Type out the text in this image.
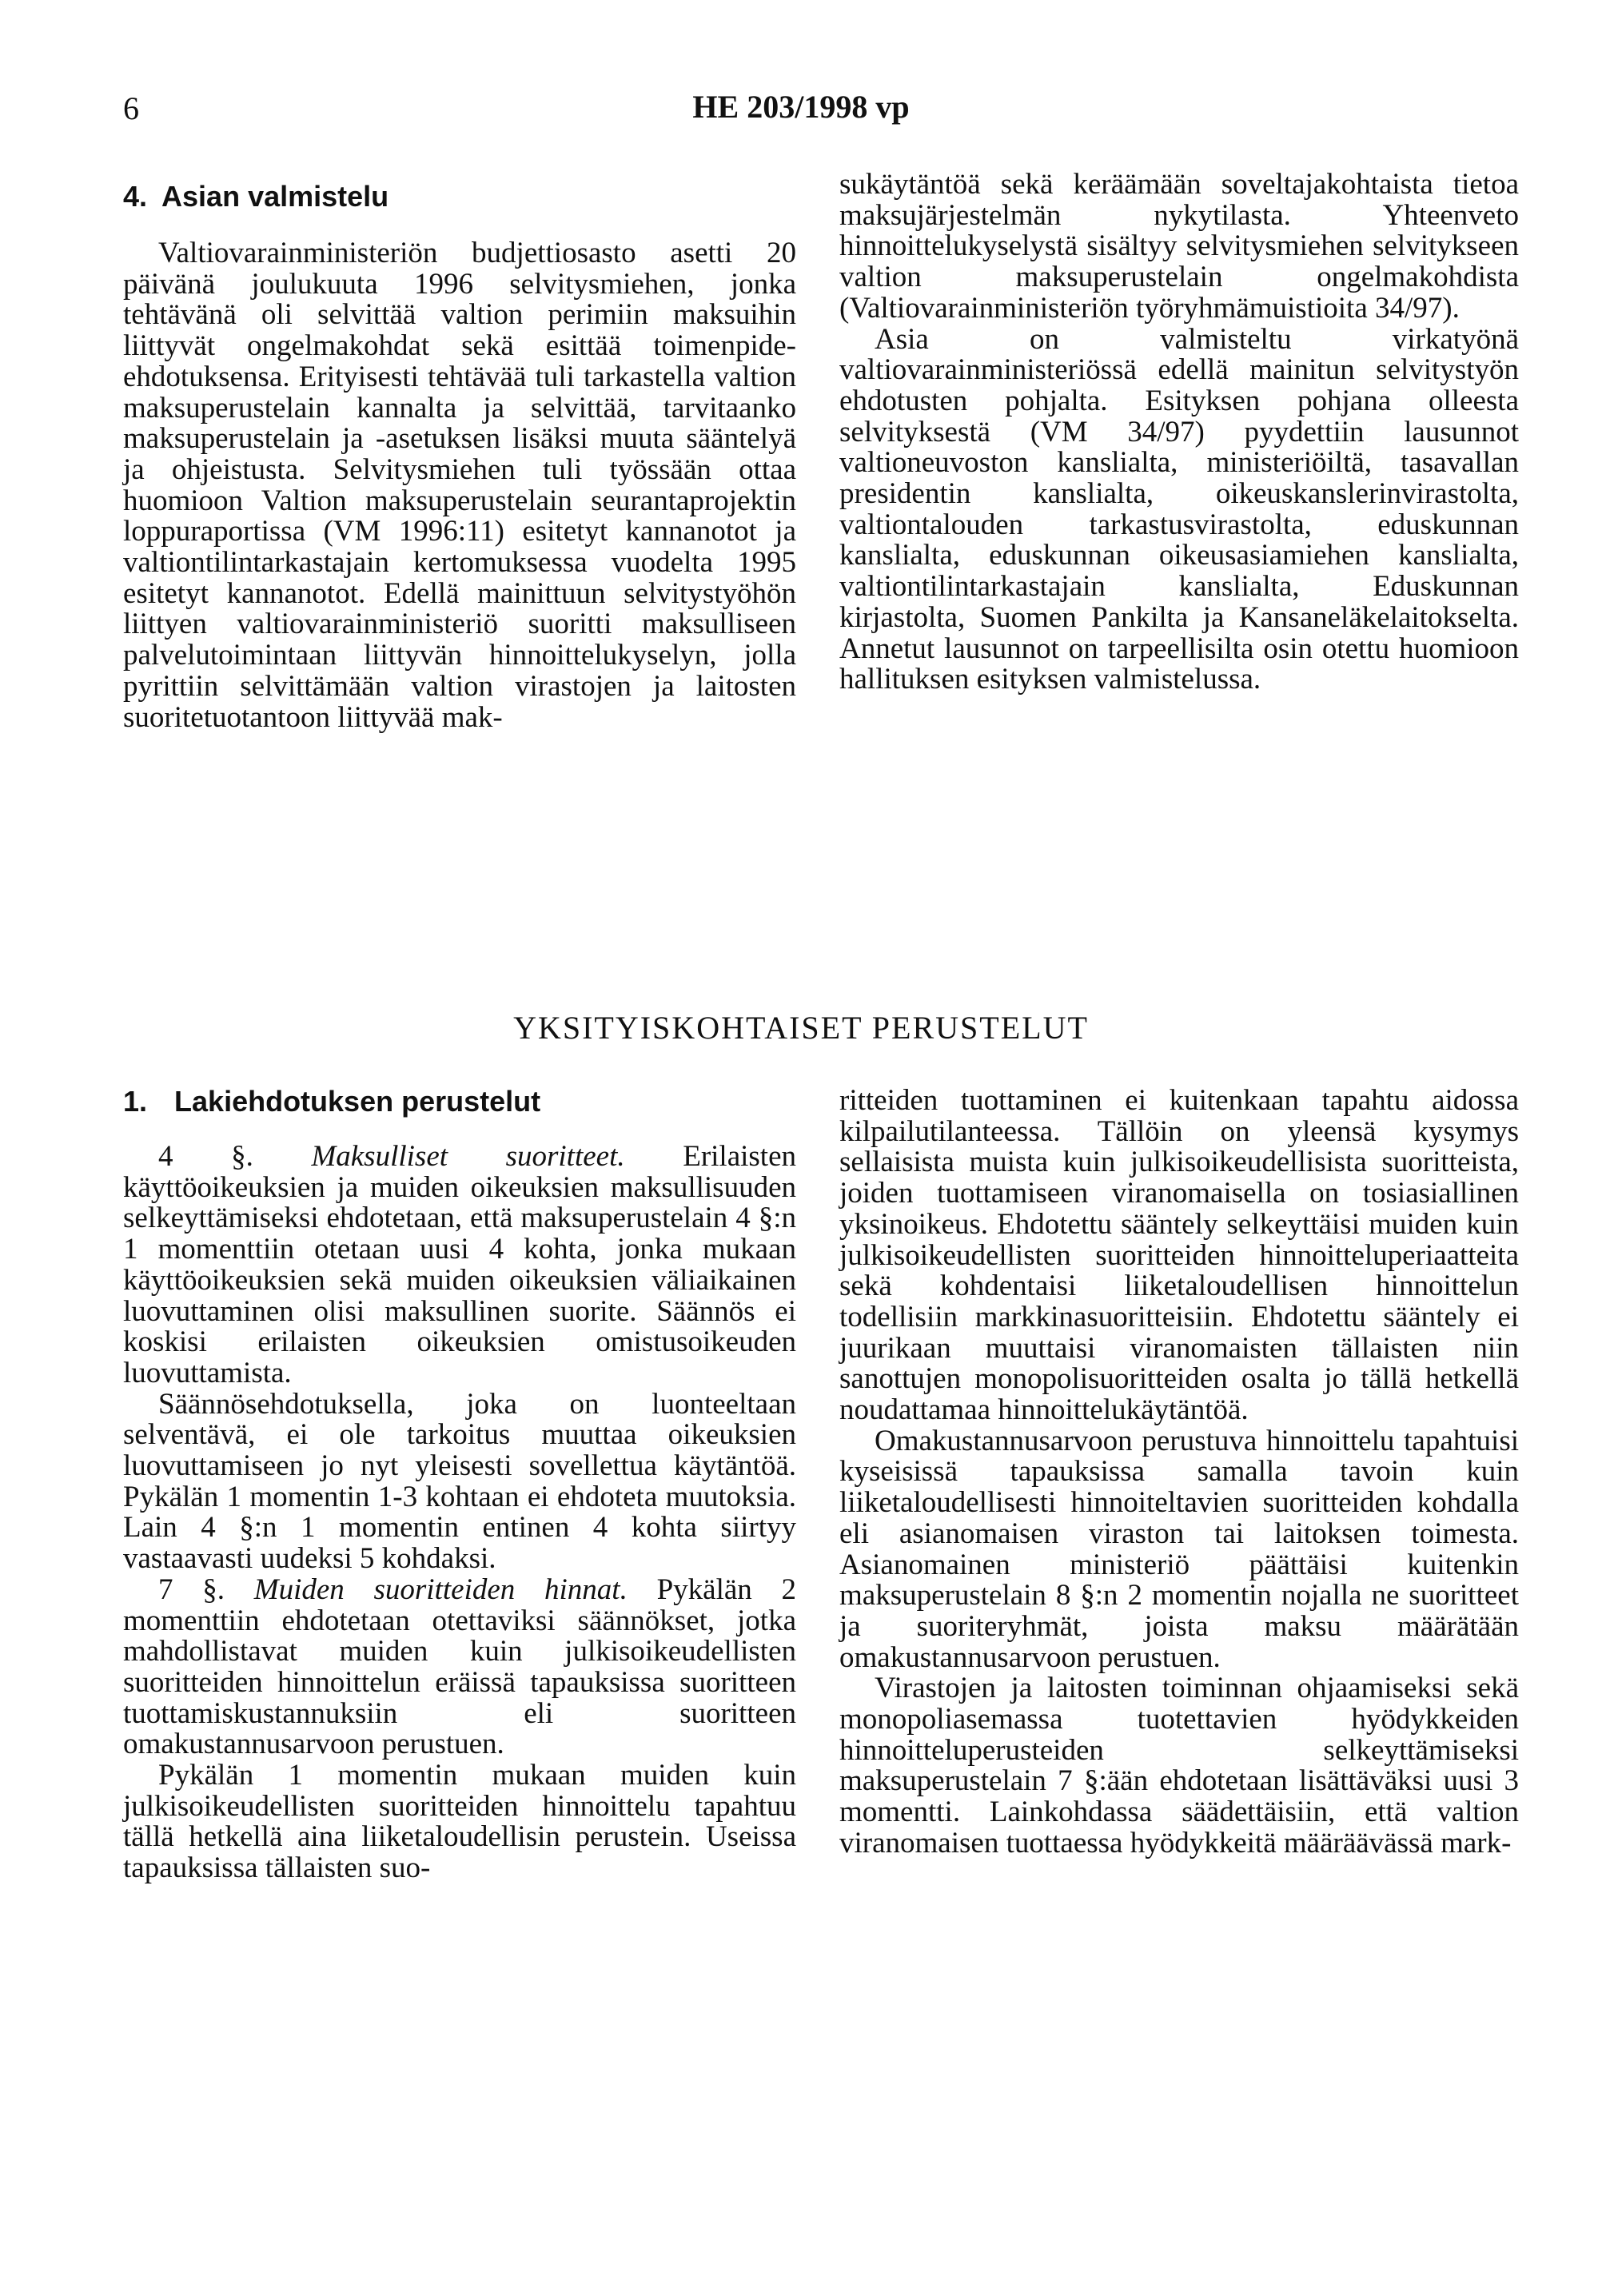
6	HE 203/1998 vp

4. Asian valmistelu

Valtiovarainministeriön budjettiosasto asetti 20 päivänä joulukuuta 1996 selvitysmiehen, jonka tehtävänä oli selvittää valtion perimiin maksuihin liittyvät ongelmakohdat sekä esittää toimenpide-ehdotuksensa. Erityisesti tehtävää tuli tarkastella valtion maksuperustelain kannalta ja selvittää, tarvitaanko maksuperustelain ja -asetuksen lisäksi muuta sääntelyä ja ohjeistusta. Selvitysmiehen tuli työssään ottaa huomioon Valtion maksuperustelain seurantaprojektin loppuraportissa (VM 1996:11) esitetyt kannanotot ja valtiontilintarkastajain kertomuksessa vuodelta 1995 esitetyt kannanotot. Edellä mainittuun selvitystyöhön liittyen valtiovarainministeriö suoritti maksulliseen palvelutoimintaan liittyvän hinnoittelukyselyn, jolla pyrittiin selvittämään valtion virastojen ja laitosten suoritetuotantoon liittyvää mak-

sukäytäntöä sekä keräämään soveltajakohtaista tietoa maksujärjestelmän nykytilasta. Yhteenveto hinnoittelukyselystä sisältyy selvitysmiehen selvitykseen valtion maksuperustelain ongelmakohdista (Valtiovarainministeriön työryhmämuistioita 34/97).

Asia on valmisteltu virkatyönä valtiovarainministeriössä edellä mainitun selvitystyön ehdotusten pohjalta. Esityksen pohjana olleesta selvityksestä (VM 34/97) pyydettiin lausunnot valtioneuvoston kanslialta, ministeriöiltä, tasavallan presidentin kanslialta, oikeuskanslerinvirastolta, valtiontalouden tarkastusvirastolta, eduskunnan kanslialta, eduskunnan oikeusasiamiehen kanslialta, valtiontilintarkastajain kanslialta, Eduskunnan kirjastolta, Suomen Pankilta ja Kansaneläkelaitokselta. Annetut lausunnot on tarpeellisilta osin otettu huomioon hallituksen esityksen valmistelussa.

YKSITYISKOHTAISET PERUSTELUT

1. Lakiehdotuksen perustelut

4 §. Maksulliset suoritteet. Erilaisten käyttöoikeuksien ja muiden oikeuksien maksullisuuden selkeyttämiseksi ehdotetaan, että maksuperustelain 4 §:n 1 momenttiin otetaan uusi 4 kohta, jonka mukaan käyttöoikeuksien sekä muiden oikeuksien väliaikainen luovuttaminen olisi maksullinen suorite. Säännös ei koskisi erilaisten oikeuksien omistusoikeuden luovuttamista.

Säännösehdotuksella, joka on luonteeltaan selventävä, ei ole tarkoitus muuttaa oikeuksien luovuttamiseen jo nyt yleisesti sovellettua käytäntöä. Pykälän 1 momentin 1-3 kohtaan ei ehdoteta muutoksia. Lain 4 §:n 1 momentin entinen 4 kohta siirtyy vastaavasti uudeksi 5 kohdaksi.

7 §. Muiden suoritteiden hinnat. Pykälän 2 momenttiin ehdotetaan otettaviksi säännökset, jotka mahdollistavat muiden kuin julkisoikeudellisten suoritteiden hinnoittelun eräissä tapauksissa suoritteen tuottamiskustannuksiin eli suoritteen omakustannusarvoon perustuen.

Pykälän 1 momentin mukaan muiden kuin julkisoikeudellisten suoritteiden hinnoittelu tapahtuu tällä hetkellä aina liiketaloudellisin perustein. Useissa tapauksissa tällaisten suo-

ritteiden tuottaminen ei kuitenkaan tapahtu aidossa kilpailutilanteessa. Tällöin on yleensä kysymys sellaisista muista kuin julkisoikeudellisista suoritteista, joiden tuottamiseen viranomaisella on tosiasiallinen yksinoikeus. Ehdotettu sääntely selkeyttäisi muiden kuin julkisoikeudellisten suoritteiden hinnoitteluperiaatteita sekä kohdentaisi liiketaloudellisen hinnoittelun todellisiin markkinasuoritteisiin. Ehdotettu sääntely ei juurikaan muuttaisi viranomaisten tällaisten niin sanottujen monopolisuoritteiden osalta jo tällä hetkellä noudattamaa hinnoittelukäytäntöä.

Omakustannusarvoon perustuva hinnoittelu tapahtuisi kyseisissä tapauksissa samalla tavoin kuin liiketaloudellisesti hinnoiteltavien suoritteiden kohdalla eli asianomaisen viraston tai laitoksen toimesta. Asianomainen ministeriö päättäisi kuitenkin maksuperustelain 8 §:n 2 momentin nojalla ne suoritteet ja suoriteryhmät, joista maksu määrätään omakustannusarvoon perustuen.

Virastojen ja laitosten toiminnan ohjaamiseksi sekä monopoliasemassa tuotettavien hyödykkeiden hinnoitteluperusteiden selkeyttämiseksi maksuperustelain 7 §:ään ehdotetaan lisättäväksi uusi 3 momentti. Lainkohdassa säädettäisiin, että valtion viranomaisen tuottaessa hyödykkeitä määräävässä mark-
